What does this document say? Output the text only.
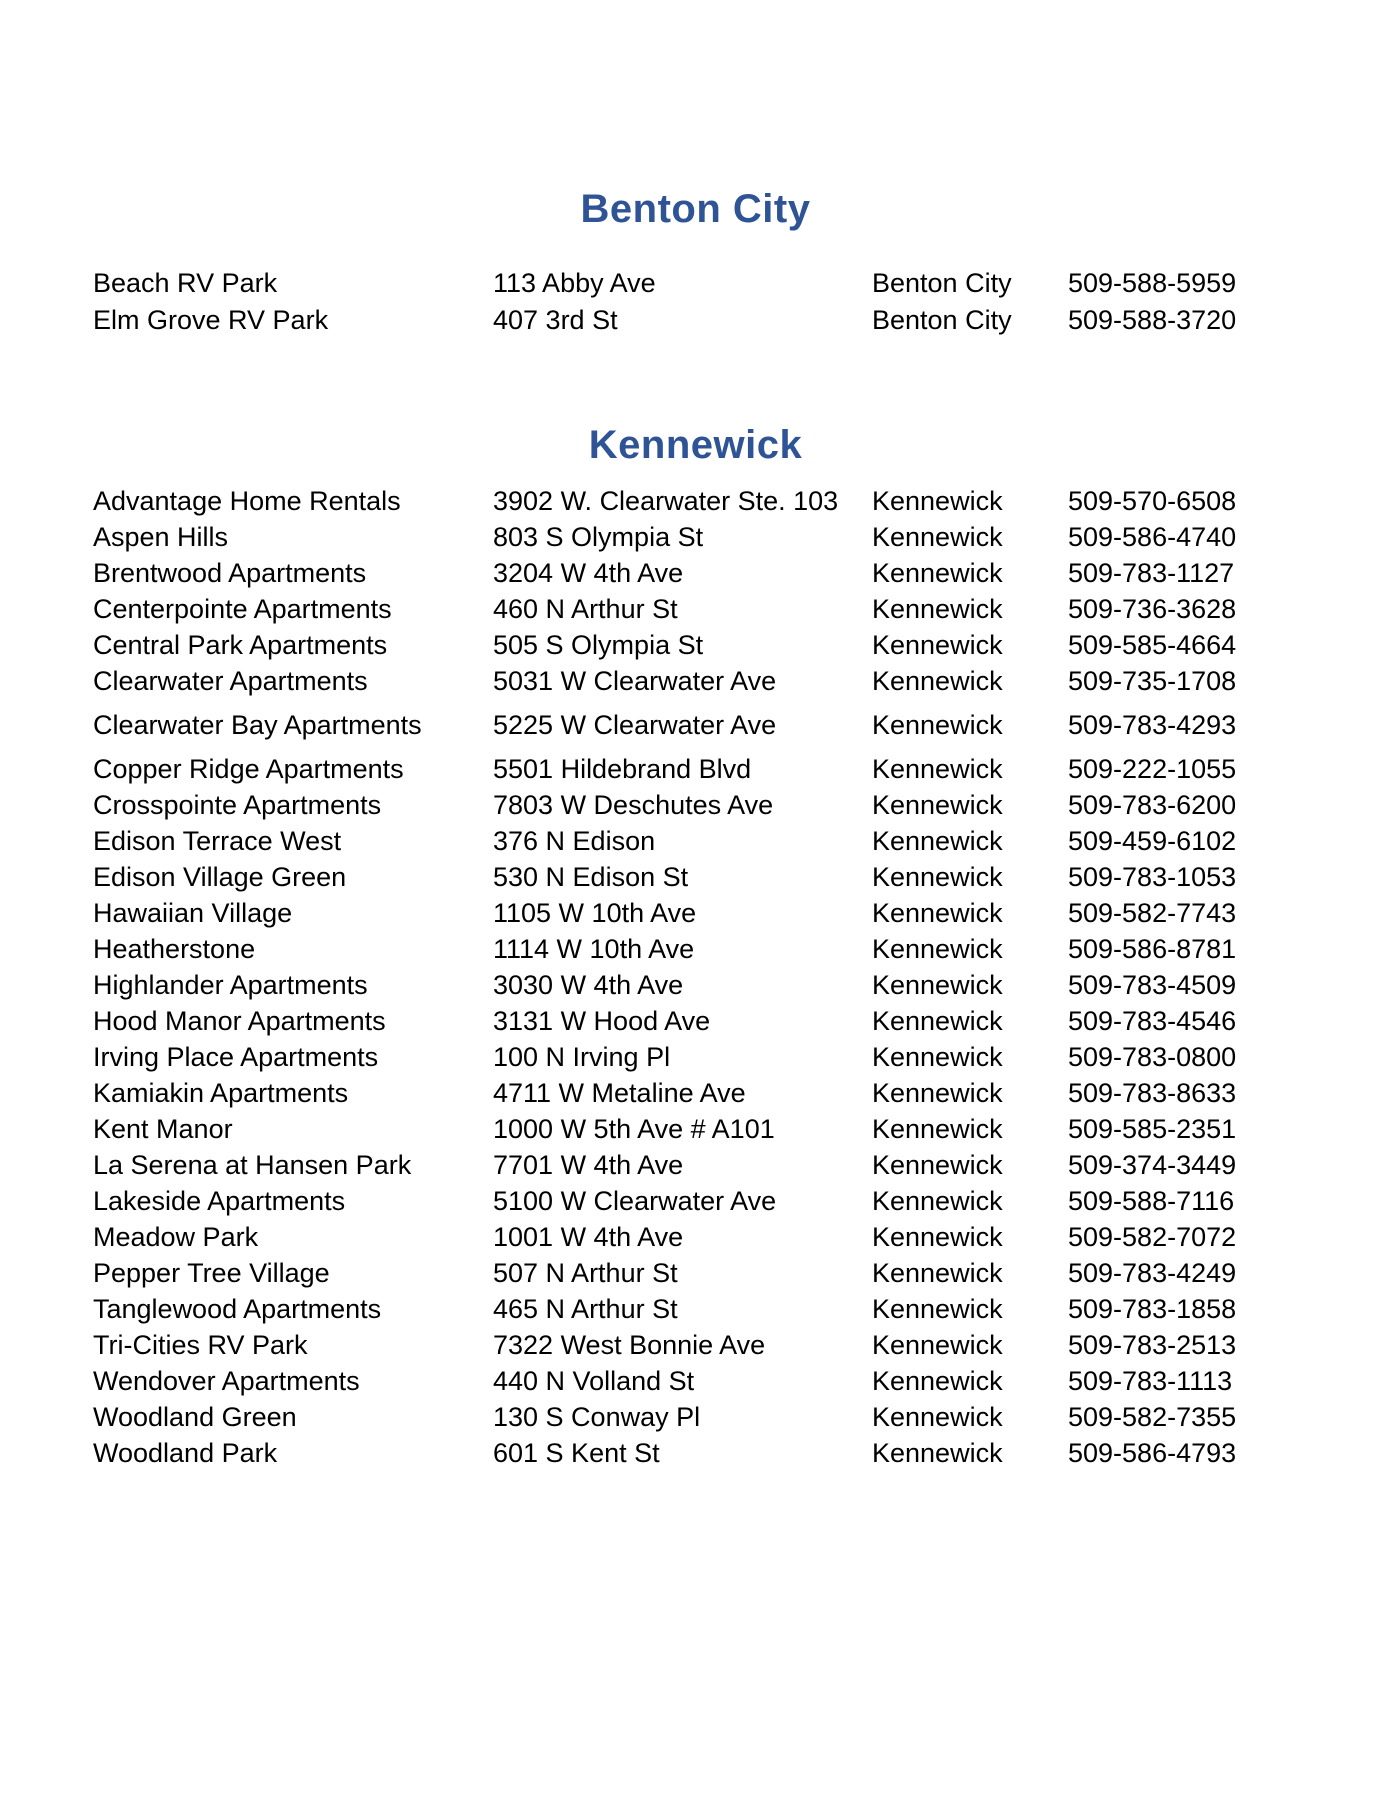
Benton City
Beach RV Park	113 Abby Ave	Benton City	509-588-5959
Elm Grove RV Park	407 3rd St	Benton City	509-588-3720
Kennewick
Advantage Home Rentals	3902 W. Clearwater Ste. 103	Kennewick	509-570-6508
Aspen Hills	803 S Olympia St	Kennewick	509-586-4740
Brentwood Apartments	3204 W 4th Ave	Kennewick	509-783-1127
Centerpointe Apartments	460 N Arthur St	Kennewick	509-736-3628
Central Park Apartments	505 S Olympia St	Kennewick	509-585-4664
Clearwater Apartments	5031 W Clearwater Ave	Kennewick	509-735-1708
Clearwater Bay Apartments	5225 W Clearwater Ave	Kennewick	509-783-4293
Copper Ridge Apartments	5501 Hildebrand Blvd	Kennewick	509-222-1055
Crosspointe Apartments	7803 W Deschutes Ave	Kennewick	509-783-6200
Edison Terrace West	376 N Edison	Kennewick	509-459-6102
Edison Village Green	530 N Edison St	Kennewick	509-783-1053
Hawaiian Village	1105 W 10th Ave	Kennewick	509-582-7743
Heatherstone	1114 W 10th Ave	Kennewick	509-586-8781
Highlander Apartments	3030 W 4th Ave	Kennewick	509-783-4509
Hood Manor Apartments	3131 W Hood Ave	Kennewick	509-783-4546
Irving Place Apartments	100 N Irving Pl	Kennewick	509-783-0800
Kamiakin Apartments	4711 W Metaline Ave	Kennewick	509-783-8633
Kent Manor	1000 W 5th Ave # A101	Kennewick	509-585-2351
La Serena at Hansen Park	7701 W 4th Ave	Kennewick	509-374-3449
Lakeside Apartments	5100 W Clearwater Ave	Kennewick	509-588-7116
Meadow Park	1001 W 4th Ave	Kennewick	509-582-7072
Pepper Tree Village	507 N Arthur St	Kennewick	509-783-4249
Tanglewood Apartments	465 N Arthur St	Kennewick	509-783-1858
Tri-Cities RV Park	7322 West Bonnie Ave	Kennewick	509-783-2513
Wendover Apartments	440 N Volland St	Kennewick	509-783-1113
Woodland Green	130 S Conway Pl	Kennewick	509-582-7355
Woodland Park	601 S Kent St	Kennewick	509-586-4793
